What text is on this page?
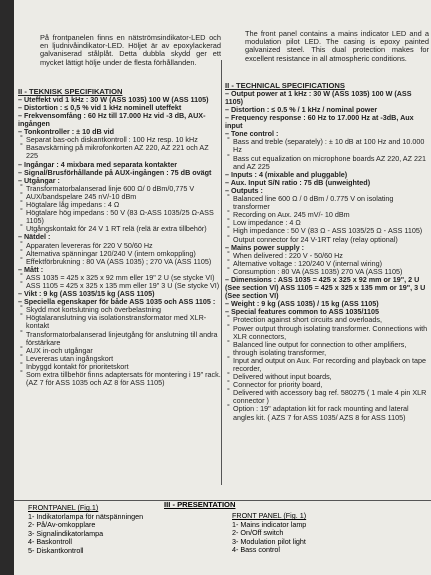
På frontpanelen finns en nätströmsindikator-LED och en ljudnivåindikator-LED. Höljet är av epoxylackerad galvaniserad stålplåt. Detta dubbla skydd ger ett mycket lättigt hölje under de flesta förhållanden.
II - TEKNISK SPECIFIKATION
– Uteffekt vid 1 kHz : 30 W (ASS 1035) 100 W (ASS 1105)
– Distortion : ≤ 0,5 % vid 1 kHz nominell uteffekt
– Frekvensomfång : 60 Hz till 17.000 Hz vid -3 dB, AUX-ingången
– Tonkontroller : ± 10 dB vid
° Separat bas-och diskantkontroll : 100 Hz resp. 10 kHz
° Basavskärning på mikrofonkorten AZ 220, AZ 221 och AZ 225
– Ingångar : 4 mixbara med separata kontakter
– Signal/Brusförhållande på AUX-ingången : 75 dB ovägt
– Utgångar :
° Transformatorbalanserad linje 600 Ω/ 0 dBm/0,775 V
° AUX/bandspelare 245 nV/-10 dBm
° Högtalare låg impedans : 4 Ω
° Högtalare hög impedans : 50 V (83 Ω-ASS 1035/25 Ω-ASS 1105)
° Utgångskontakt för 24 V 1 RT relä (relä är extra tillbehör)
– Nätdel :
° Apparaten levereras för 220 V 50/60 Hz
° Alternativa spänningar 120/240 V (intern omkoppling)
° Effektförbrukning : 80 VA (ASS 1035) ; 270 VA (ASS 1105)
– Mått :
° ASS 1035 = 425 x 325 x 92 mm eller 19" 2 U (se stycke VI)
° ASS 1105 = 425 x 325 x 135 mm eller 19" 3 U (Se stycke VI)
– Vikt : 9 kg (ASS 1035/15 kg (ASS 1105)
– Speciella egenskaper för både ASS 1035 och ASS 1105 :
° Skydd mot kortslutning och överbelastning
° Högtalaranslutning via isolationstransformator med XLR-kontakt
° Transformatorbalanserad linjeutgång för anslutning till andra förstärkare
° AUX in-och utgångar
° Levereras utan ingångskort
° Inbyggd kontakt för prioritetskort
° Som extra tillbehör finns adaptersats för montering i 19" rack. (AZ 7 för ASS 1035 och AZ 8 för ASS 1105)
The front panel contains a mains indicator LED and a modulation pilot LED. The casing is epoxy painted galvanized steel. This dual protection makes for excellent resistance in all atmospheric conditions.
II - TECHNICAL SPECIFICATIONS
– Output power at 1 kHz : 30 W (ASS 1035) 100 W (ASS 1105)
– Distortion : ≤ 0.5 % / 1 kHz / nominal power
– Frequency response : 60 Hz to 17.000 Hz at -3dB, Aux input
– Tone control :
° Bass and treble (separately) : ± 10 dB at 100 Hz and 10.000 Hz
° Bass cut equalization on microphone boards AZ 220, AZ 221 and AZ 225
– Inputs : 4 (mixable and pluggable)
– Aux. Input S/N ratio : 75 dB (unweighted)
– Outputs :
° Balanced line 600 Ω / 0 dBm / 0.775 V on isolating transformer
° Recording on Aux. 245 mV/- 10 dBm
° Low impedance : 4 Ω
° High impedance : 50 V (83 Ω - ASS 1035/25 Ω - ASS 1105)
° Output connector for 24 V-1RT relay (relay optional)
– Mains power supply :
° When delivered : 220 V - 50/60 Hz
° Alternative voltage : 120/240 V (internal wiring)
° Consumption : 80 VA (ASS 1035) 270 VA (ASS 1105)
– Dimensions : ASS 1035 = 425 x 325 x 92 mm or 19", 2 U (See section VI) ASS 1105 = 425 x 325 x 135 mm or 19", 3 U (See section VI)
– Weight : 9 kg (ASS 1035) / 15 kg (ASS 1105)
– Special features common to ASS 1035/1105
° Protection against short circuits and overloads,
° Power output through isolating transformer. Connections with XLR connectors,
° Balanced line output for connection to other amplifiers, through isolating transformer,
° Input and output on Aux. For recording and playback on tape recorder,
° Delivered without input boards,
° Connector for priority board,
° Delivered with accessory bag ref. 580275 ( 1 male 4 pin XLR connector )
° Option : 19" adaptation kit for rack mounting and lateral angles kit. ( AZS 7 for ASS 1035/ AZS 8 for ASS 1105)
III - PRESENTATION
FRONTPANEL (Fig.1)
1- Indikatorlampa för nätspänningen
2- På/Av-omkopplare
3- Signalindikatorlampa
4- Baskontroll
5- Diskantkontroll
FRONT PANEL (Fig. 1)
1- Mains indicator lamp
2- On/Off switch
3- Modulation pilot light
4- Bass control
